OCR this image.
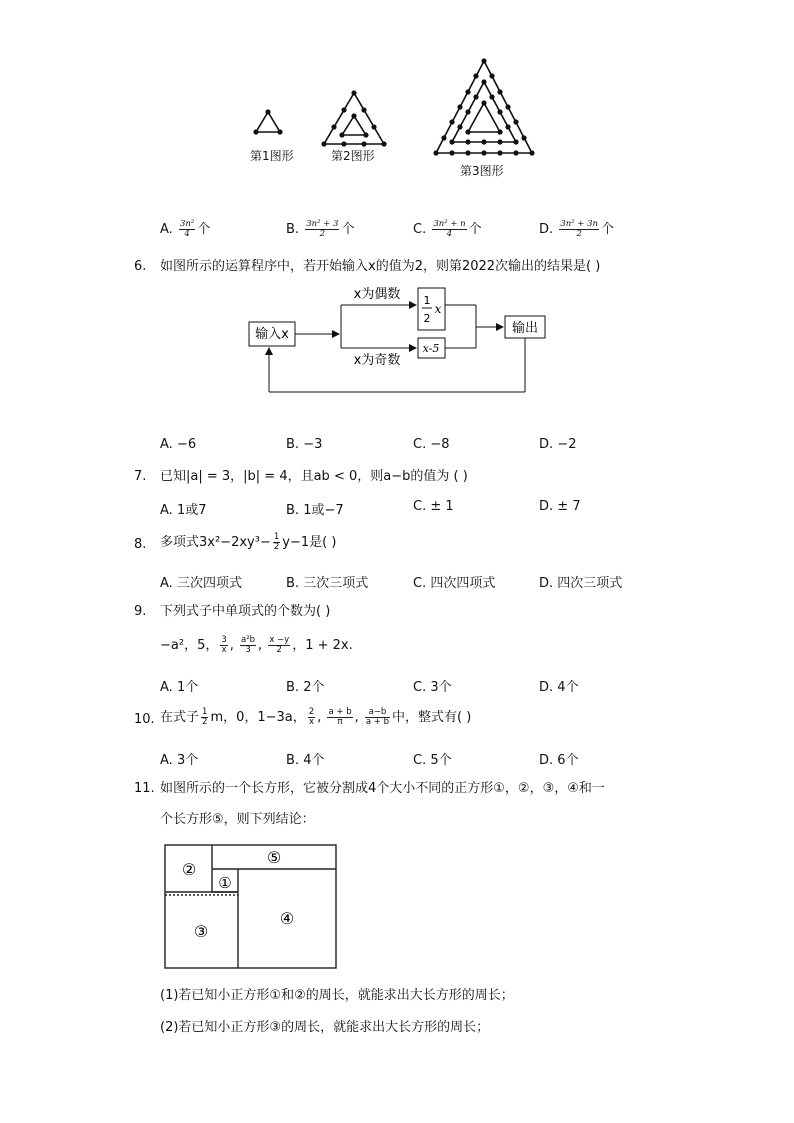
第1图形	第2图形
第3图形
A. $\frac{\text{3n²}}{4}$ 个	B. $\frac{\text{3n² + 3}}{2}$ 个	C. $\frac{\text{3n² + n}}{4}$ 个	D. $\frac{\text{3n² + 3n}}{2}$ 个
6. 如图所示的运算程序中，若开始输入x的值为2，则第2022次输出的结果是( )
输入x
x为偶数
x为奇数
1
2
x
x-5
输出
A. −6	B. −3	C. −8	D. −2
7. 已知|a| = 3，|b| = 4，且ab < 0，则a−b的值为 ( )
A. 1或7	B. 1或−7	C. ± 1	D. ± 7
8. 多项式$3x^2-2xy^3- \frac{1}{2} y-1$是( )
A. 三次四项式	B. 三次三项式	C. 四次四项式	D. 四次三项式
9. 下列式子中单项式的个数为( )
−a²，5， $\frac{3}{x}$ , $\frac{\text{a²b}}{3}$ , $\frac{x -y}{2}$ ，1 + 2x.
A. 1个	B. 2个	C. 3个	D. 4个
10. 在式子 $\frac{1}{2}$ m，0，1−3a， $\frac{2}{x}$ , $\frac{a + b}{\pi}$ , $\frac{a-b}{a + b}$ 中，整式有( )
A. 3个	B. 4个	C. 5个	D. 6个
11. 如图所示的一个长方形，它被分割成4个大小不同的正方形①，②，③，④和一
个长方形⑤，则下列结论：
②
①
⑤
③
④
(1)若已知小正方形①和②的周长，就能求出大长方形的周长；
(2)若已知小正方形③的周长，就能求出大长方形的周长；
